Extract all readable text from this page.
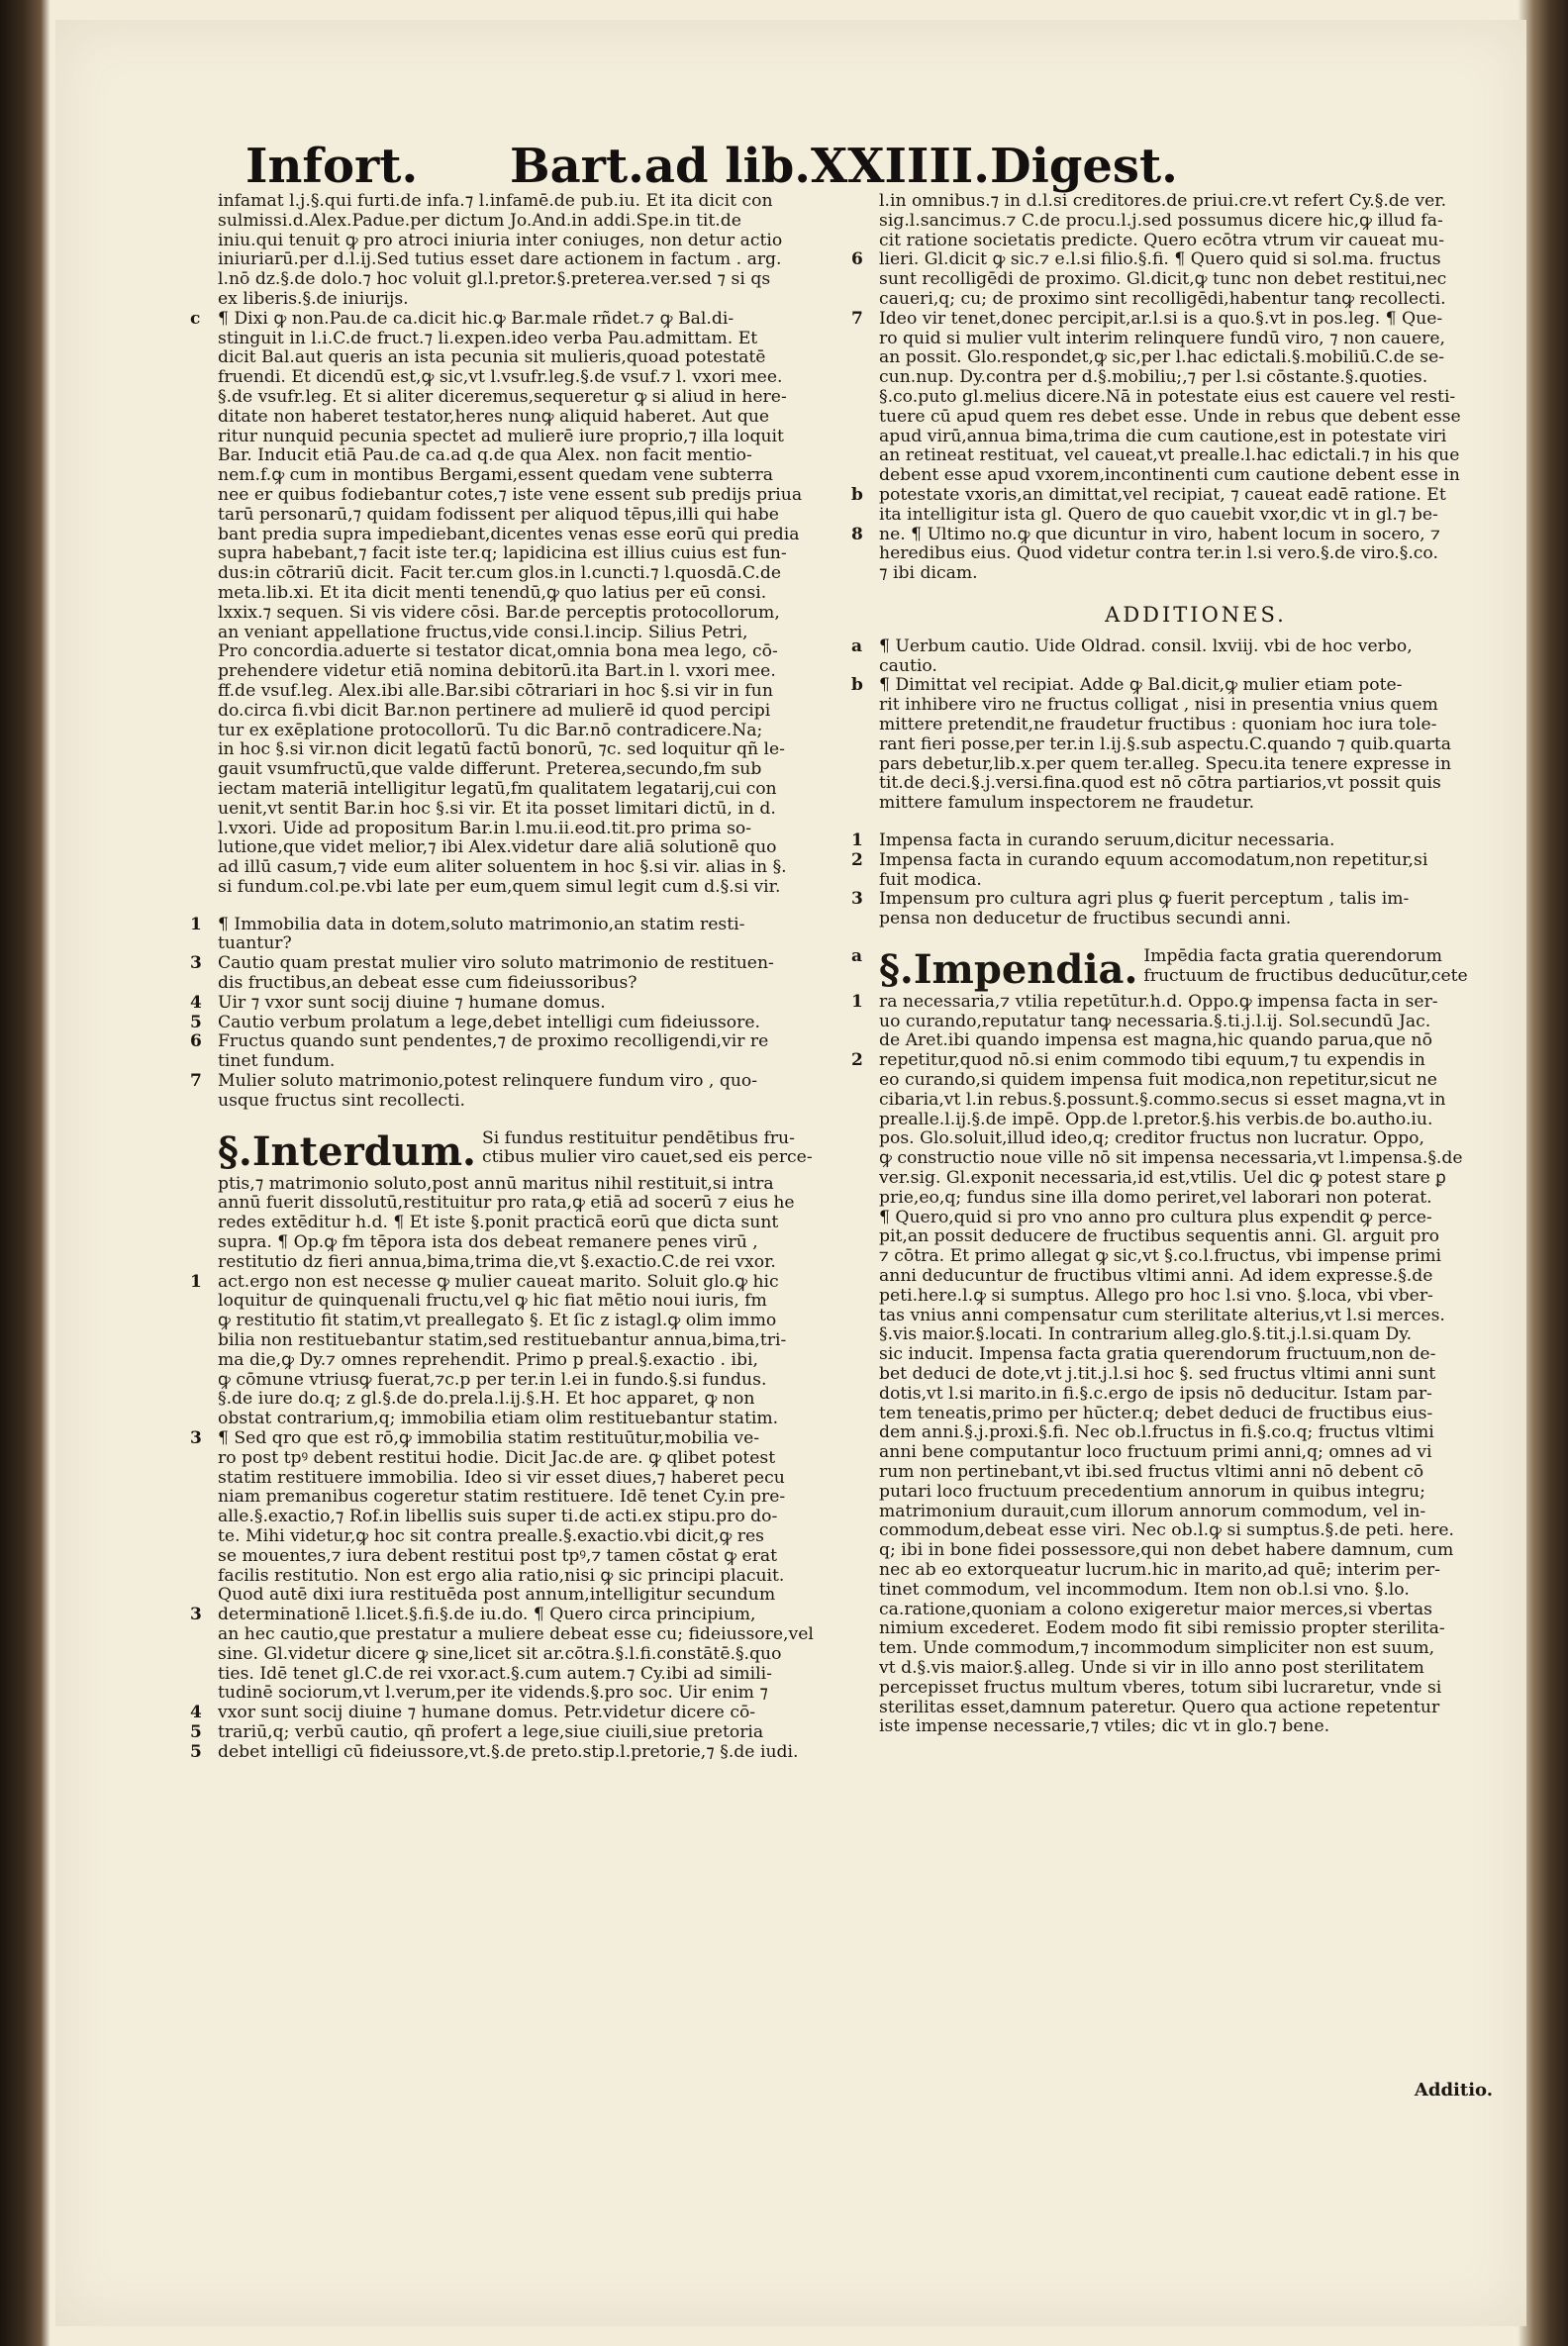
Infort. Bart.ad lib.XXIIII.Digest.
infamat l.j.§.qui furti.de infa.⁊ l.infamē.de pub.iu. Et ita dicit con
sulmissi.d.Alex.Padue.per dictum Jo.And.in addi.Spe.in tit.de
iniu.qui tenuit ꝙ pro atroci iniuria inter coniuges, non detur actio
iniuriarū.per d.l.ij.Sed tutius esset dare actionem in factum . arg.
l.nō dz.§.de dolo.⁊ hoc voluit gl.l.pretor.§.preterea.ver.sed ⁊ si qs
ex liberis.§.de iniurijs.
c ¶ Dixi ꝙ non.Pau.de ca.dicit hic.ꝙ Bar.male rñdet.⁊ ꝙ Bal.di-
stinguit in l.i.C.de fruct.⁊ li.expen.ideo verba Pau.admittam. Et
dicit Bal.aut queris an ista pecunia sit mulieris,quoad potestatē
fruendi. Et dicendū est,ꝙ sic,vt l.vsufr.leg.§.de vsuf.⁊ l. vxori mee.
§.de vsufr.leg. Et si aliter diceremus,sequeretur ꝙ si aliud in here-
ditate non haberet testator,heres nunꝙ aliquid haberet. Aut que
ritur nunquid pecunia spectet ad mulierē iure proprio,⁊ illa loquit
Bar. Inducit etiā Pau.de ca.ad q.de qua Alex. non facit mentio-
nem.f.ꝙ cum in montibus Bergami,essent quedam vene subterra
nee er quibus fodiebantur cotes,⁊ iste vene essent sub predijs priua
tarū personarū,⁊ quidam fodissent per aliquod tēpus,illi qui habe
bant predia supra impediebant,dicentes venas esse eorū qui predia
supra habebant,⁊ facit iste ter.q; lapidicina est illius cuius est fun-
dus:in cōtrariū dicit. Facit ter.cum glos.in l.cuncti.⁊ l.quosdā.C.de
meta.lib.xi. Et ita dicit menti tenendū,ꝙ quo latius per eū consi.
lxxix.⁊ sequen. Si vis videre cōsi. Bar.de perceptis protocollorum,
an veniant appellatione fructus,vide consi.l.incip. Silius Petri,
Pro concordia.aduerte si testator dicat,omnia bona mea lego, cō-
prehendere videtur etiā nomina debitorū.ita Bart.in l. vxori mee.
ff.de vsuf.leg. Alex.ibi alle.Bar.sibi cōtrariari in hoc §.si vir in fun
do.circa fi.vbi dicit Bar.non pertinere ad mulierē id quod percipi
tur ex exēplatione protocollorū. Tu dic Bar.nō contradicere.Na;
in hoc §.si vir.non dicit legatū factū bonorū, ⁊c. sed loquitur qñ le-
gauit vsumfructū,que valde differunt. Preterea,secundo,fm sub
iectam materiā intelligitur legatū,fm qualitatem legatarij,cui con
uenit,vt sentit Bar.in hoc §.si vir. Et ita posset limitari dictū, in d.
l.vxori. Uide ad propositum Bar.in l.mu.ii.eod.tit.pro prima so-
lutione,que videt melior,⁊ ibi Alex.videtur dare aliā solutionē quo
ad illū casum,⁊ vide eum aliter soluentem in hoc §.si vir. alias in §.
si fundum.col.pe.vbi late per eum,quem simul legit cum d.§.si vir.
1 ¶ Immobilia data in dotem,soluto matrimonio,an statim resti-
tuantur?
3 Cautio quam prestat mulier viro soluto matrimonio de restituen-
dis fructibus,an debeat esse cum fideiussoribus?
4 Uir ⁊ vxor sunt socij diuine ⁊ humane domus.
5 Cautio verbum prolatum a lege,debet intelligi cum fideiussore.
6 Fructus quando sunt pendentes,⁊ de proximo recolligendi,vir re
tinet fundum.
7 Mulier soluto matrimonio,potest relinquere fundum viro , quo-
usque fructus sint recollecti.
§.Interdum. Si fundus restituitur pendētibus fru-
ctibus mulier viro cauet,sed eis perce-
ptis,⁊ matrimonio soluto,post annū maritus nihil restituit,si intra
annū fuerit dissolutū,restituitur pro rata,ꝙ etiā ad socerū ⁊ eius he
redes extēditur h.d. ¶ Et iste §.ponit practicā eorū que dicta sunt
supra. ¶ Op.ꝙ fm tēpora ista dos debeat remanere penes virū ,
restitutio dz fieri annua,bima,trima die,vt §.exactio.C.de rei vxor.
1 act.ergo non est necesse ꝙ mulier caueat marito. Soluit glo.ꝙ hic
loquitur de quinquenali fructu,vel ꝙ hic fiat mētio noui iuris, fm
ꝙ restitutio fit statim,vt preallegato §. Et ſic z istagl.ꝙ olim immo
bilia non restituebantur statim,sed restituebantur annua,bima,tri-
ma die,ꝙ Dy.⁊ omnes reprehendit. Primo p preal.§.exactio . ibi,
ꝙ cōmune vtriusꝙ fuerat,⁊c.p per ter.in l.ei in fundo.§.si fundus.
§.de iure do.q; z gl.§.de do.prela.l.ij.§.H. Et hoc apparet, ꝙ non
obstat contrarium,q; immobilia etiam olim restituebantur statim.
3 ¶ Sed qro que est rō,ꝙ immobilia statim restituūtur,mobilia ve-
ro post tpꝰ debent restitui hodie. Dicit Jac.de are. ꝙ qlibet potest
statim restituere immobilia. Ideo si vir esset diues,⁊ haberet pecu
niam premanibus cogeretur statim restituere. Idē tenet Cy.in pre-
alle.§.exactio,⁊ Rof.in libellis suis super ti.de acti.ex stipu.pro do-
te. Mihi videtur,ꝙ hoc sit contra prealle.§.exactio.vbi dicit,ꝙ res
se mouentes,⁊ iura debent restitui post tpꝰ,⁊ tamen cōstat ꝙ erat
facilis restitutio. Non est ergo alia ratio,nisi ꝙ sic principi placuit.
Quod autē dixi iura restituēda post annum,intelligitur secundum
3 determinationē l.licet.§.fi.§.de iu.do. ¶ Quero circa principium,
an hec cautio,que prestatur a muliere debeat esse cu; fideiussore,vel
sine. Gl.videtur dicere ꝙ sine,licet sit ar.cōtra.§.l.fi.constātē.§.quo
ties. Idē tenet gl.C.de rei vxor.act.§.cum autem.⁊ Cy.ibi ad simili-
tudinē sociorum,vt l.verum,per ite vidends.§.pro soc. Uir enim ⁊
4 vxor sunt socij diuine ⁊ humane domus. Petr.videtur dicere cō-
5 trariū,q; verbū cautio, qñ profert a lege,siue ciuili,siue pretoria
5 debet intelligi cū fideiussore,vt.§.de preto.stip.l.pretorie,⁊ §.de iudi.
l.in omnibus.⁊ in d.l.si creditores.de priui.cre.vt refert Cy.§.de ver.
sig.l.sancimus.⁊ C.de procu.l.j.sed possumus dicere hic,ꝙ illud fa-
cit ratione societatis predicte. Quero ecōtra vtrum vir caueat mu-
6 lieri. Gl.dicit ꝙ sic.⁊ e.l.si filio.§.fi. ¶ Quero quid si sol.ma. fructus
sunt recolligēdi de proximo. Gl.dicit,ꝙ tunc non debet restitui,nec
caueri,q; cu; de proximo sint recolligēdi,habentur tanꝙ recollecti.
7 Ideo vir tenet,donec percipit,ar.l.si is a quo.§.vt in pos.leg. ¶ Que-
ro quid si mulier vult interim relinquere fundū viro, ⁊ non cauere,
an possit. Glo.respondet,ꝙ sic,per l.hac edictali.§.mobiliū.C.de se-
cun.nup. Dy.contra per d.§.mobiliu;,⁊ per l.si cōstante.§.quoties.
§.co.puto gl.melius dicere.Nā in potestate eius est cauere vel resti-
tuere cū apud quem res debet esse. Unde in rebus que debent esse
apud virū,annua bima,trima die cum cautione,est in potestate viri
an retineat restituat, vel caueat,vt prealle.l.hac edictali.⁊ in his que
debent esse apud vxorem,incontinenti cum cautione debent esse in
b potestate vxoris,an dimittat,vel recipiat, ⁊ caueat eadē ratione. Et
ita intelligitur ista gl. Quero de quo cauebit vxor,dic vt in gl.⁊ be-
8 ne. ¶ Ultimo no.ꝙ que dicuntur in viro, habent locum in socero, ⁊
heredibus eius. Quod videtur contra ter.in l.si vero.§.de viro.§.co.
⁊ ibi dicam.
ADDITIONES.
a ¶ Uerbum cautio. Uide Oldrad. consil. lxviij. vbi de hoc verbo,
cautio.
b ¶ Dimittat vel recipiat. Adde ꝙ Bal.dicit,ꝙ mulier etiam pote-
rit inhibere viro ne fructus colligat , nisi in presentia vnius quem
mittere pretendit,ne fraudetur fructibus : quoniam hoc iura tole-
rant fieri posse,per ter.in l.ij.§.sub aspectu.C.quando ⁊ quib.quarta
pars debetur,lib.x.per quem ter.alleg. Specu.ita tenere expresse in
tit.de deci.§.j.versi.fina.quod est nō cōtra partiarios,vt possit quis
mittere famulum inspectorem ne fraudetur.
1 Impensa facta in curando seruum,dicitur necessaria.
2 Impensa facta in curando equum accomodatum,non repetitur,si
fuit modica.
3 Impensum pro cultura agri plus ꝙ fuerit perceptum , talis im-
pensa non deducetur de fructibus secundi anni.
a §.Impendia. Impēdia facta gratia querendorum
fructuum de fructibus deducūtur,cete
1 ra necessaria,⁊ vtilia repetūtur.h.d. Oppo.ꝙ impensa facta in ser-
uo curando,reputatur tanꝙ necessaria.§.ti.j.l.ij. Sol.secundū Jac.
de Aret.ibi quando impensa est magna,hic quando parua,que nō
2 repetitur,quod nō.si enim commodo tibi equum,⁊ tu expendis in
eo curando,si quidem impensa fuit modica,non repetitur,sicut ne
cibaria,vt l.in rebus.§.possunt.§.commo.secus si esset magna,vt in
prealle.l.ij.§.de impē. Opp.de l.pretor.§.his verbis.de bo.autho.iu.
pos. Glo.soluit,illud ideo,q; creditor fructus non lucratur. Oppo,
ꝙ constructio noue ville nō sit impensa necessaria,vt l.impensa.§.de
ver.sig. Gl.exponit necessaria,id est,vtilis. Uel dic ꝙ potest stare ꝑ
prie,eo,q; fundus sine illa domo periret,vel laborari non poterat.
¶ Quero,quid si pro vno anno pro cultura plus expendit ꝙ perce-
pit,an possit deducere de fructibus sequentis anni. Gl. arguit pro
⁊ cōtra. Et primo allegat ꝙ sic,vt §.co.l.fructus, vbi impense primi
anni deducuntur de fructibus vltimi anni. Ad idem expresse.§.de
peti.here.l.ꝙ si sumptus. Allego pro hoc l.si vno. §.loca, vbi vber-
tas vnius anni compensatur cum sterilitate alterius,vt l.si merces.
§.vis maior.§.locati. In contrarium alleg.glo.§.tit.j.l.si.quam Dy.
sic inducit. Impensa facta gratia querendorum fructuum,non de-
bet deduci de dote,vt j.tit.j.l.si hoc §. sed fructus vltimi anni sunt
dotis,vt l.si marito.in fi.§.c.ergo de ipsis nō deducitur. Istam par-
tem teneatis,primo per hūcter.q; debet deduci de fructibus eius-
dem anni.§.j.proxi.§.fi. Nec ob.l.fructus in fi.§.co.q; fructus vltimi
anni bene computantur loco fructuum primi anni,q; omnes ad vi
rum non pertinebant,vt ibi.sed fructus vltimi anni nō debent cō
putari loco fructuum precedentium annorum in quibus integru;
matrimonium durauit,cum illorum annorum commodum, vel in-
commodum,debeat esse viri. Nec ob.l.ꝙ si sumptus.§.de peti. here.
q; ibi in bone fidei possessore,qui non debet habere damnum, cum
nec ab eo extorqueatur lucrum.hic in marito,ad quē; interim per-
tinet commodum, vel incommodum. Item non ob.l.si vno. §.lo.
ca.ratione,quoniam a colono exigeretur maior merces,si vbertas
nimium excederet. Eodem modo fit sibi remissio propter sterilita-
tem. Unde commodum,⁊ incommodum simpliciter non est suum,
vt d.§.vis maior.§.alleg. Unde si vir in illo anno post sterilitatem
percepisset fructus multum vberes, totum sibi lucraretur, vnde si
sterilitas esset,damnum pateretur. Quero qua actione repetentur
iste impense necessarie,⁊ vtiles; dic vt in glo.⁊ bene.
Additio.
